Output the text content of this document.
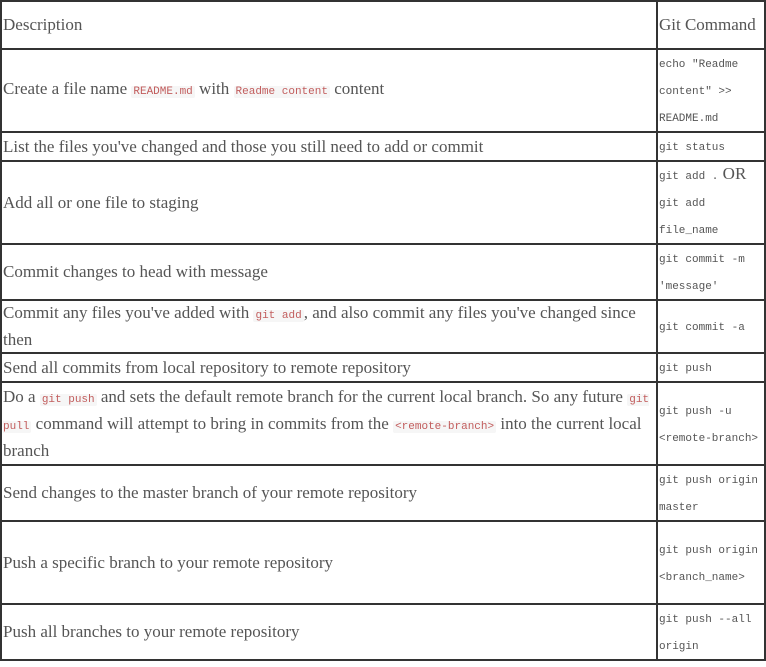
Description	Git Command
Create a file name README.md with Readme content content	echo "Readme content" >> README.md
List the files you've changed and those you still need to add or commit	git status
Add all or one file to staging	git add . OR git add file_name
Commit changes to head with message	git commit -m 'message'
Commit any files you've added with git add , and also commit any files you've changed since then	git commit -a
Send all commits from local repository to remote repository	git push
Do a git push and sets the default remote branch for the current local branch. So any future git pull command will attempt to bring in commits from the <remote-branch> into the current local branch	git push -u <remote-branch>
Send changes to the master branch of your remote repository	git push origin master
Push a specific branch to your remote repository	git push origin <branch_name>
Push all branches to your remote repository	git push --all origin
